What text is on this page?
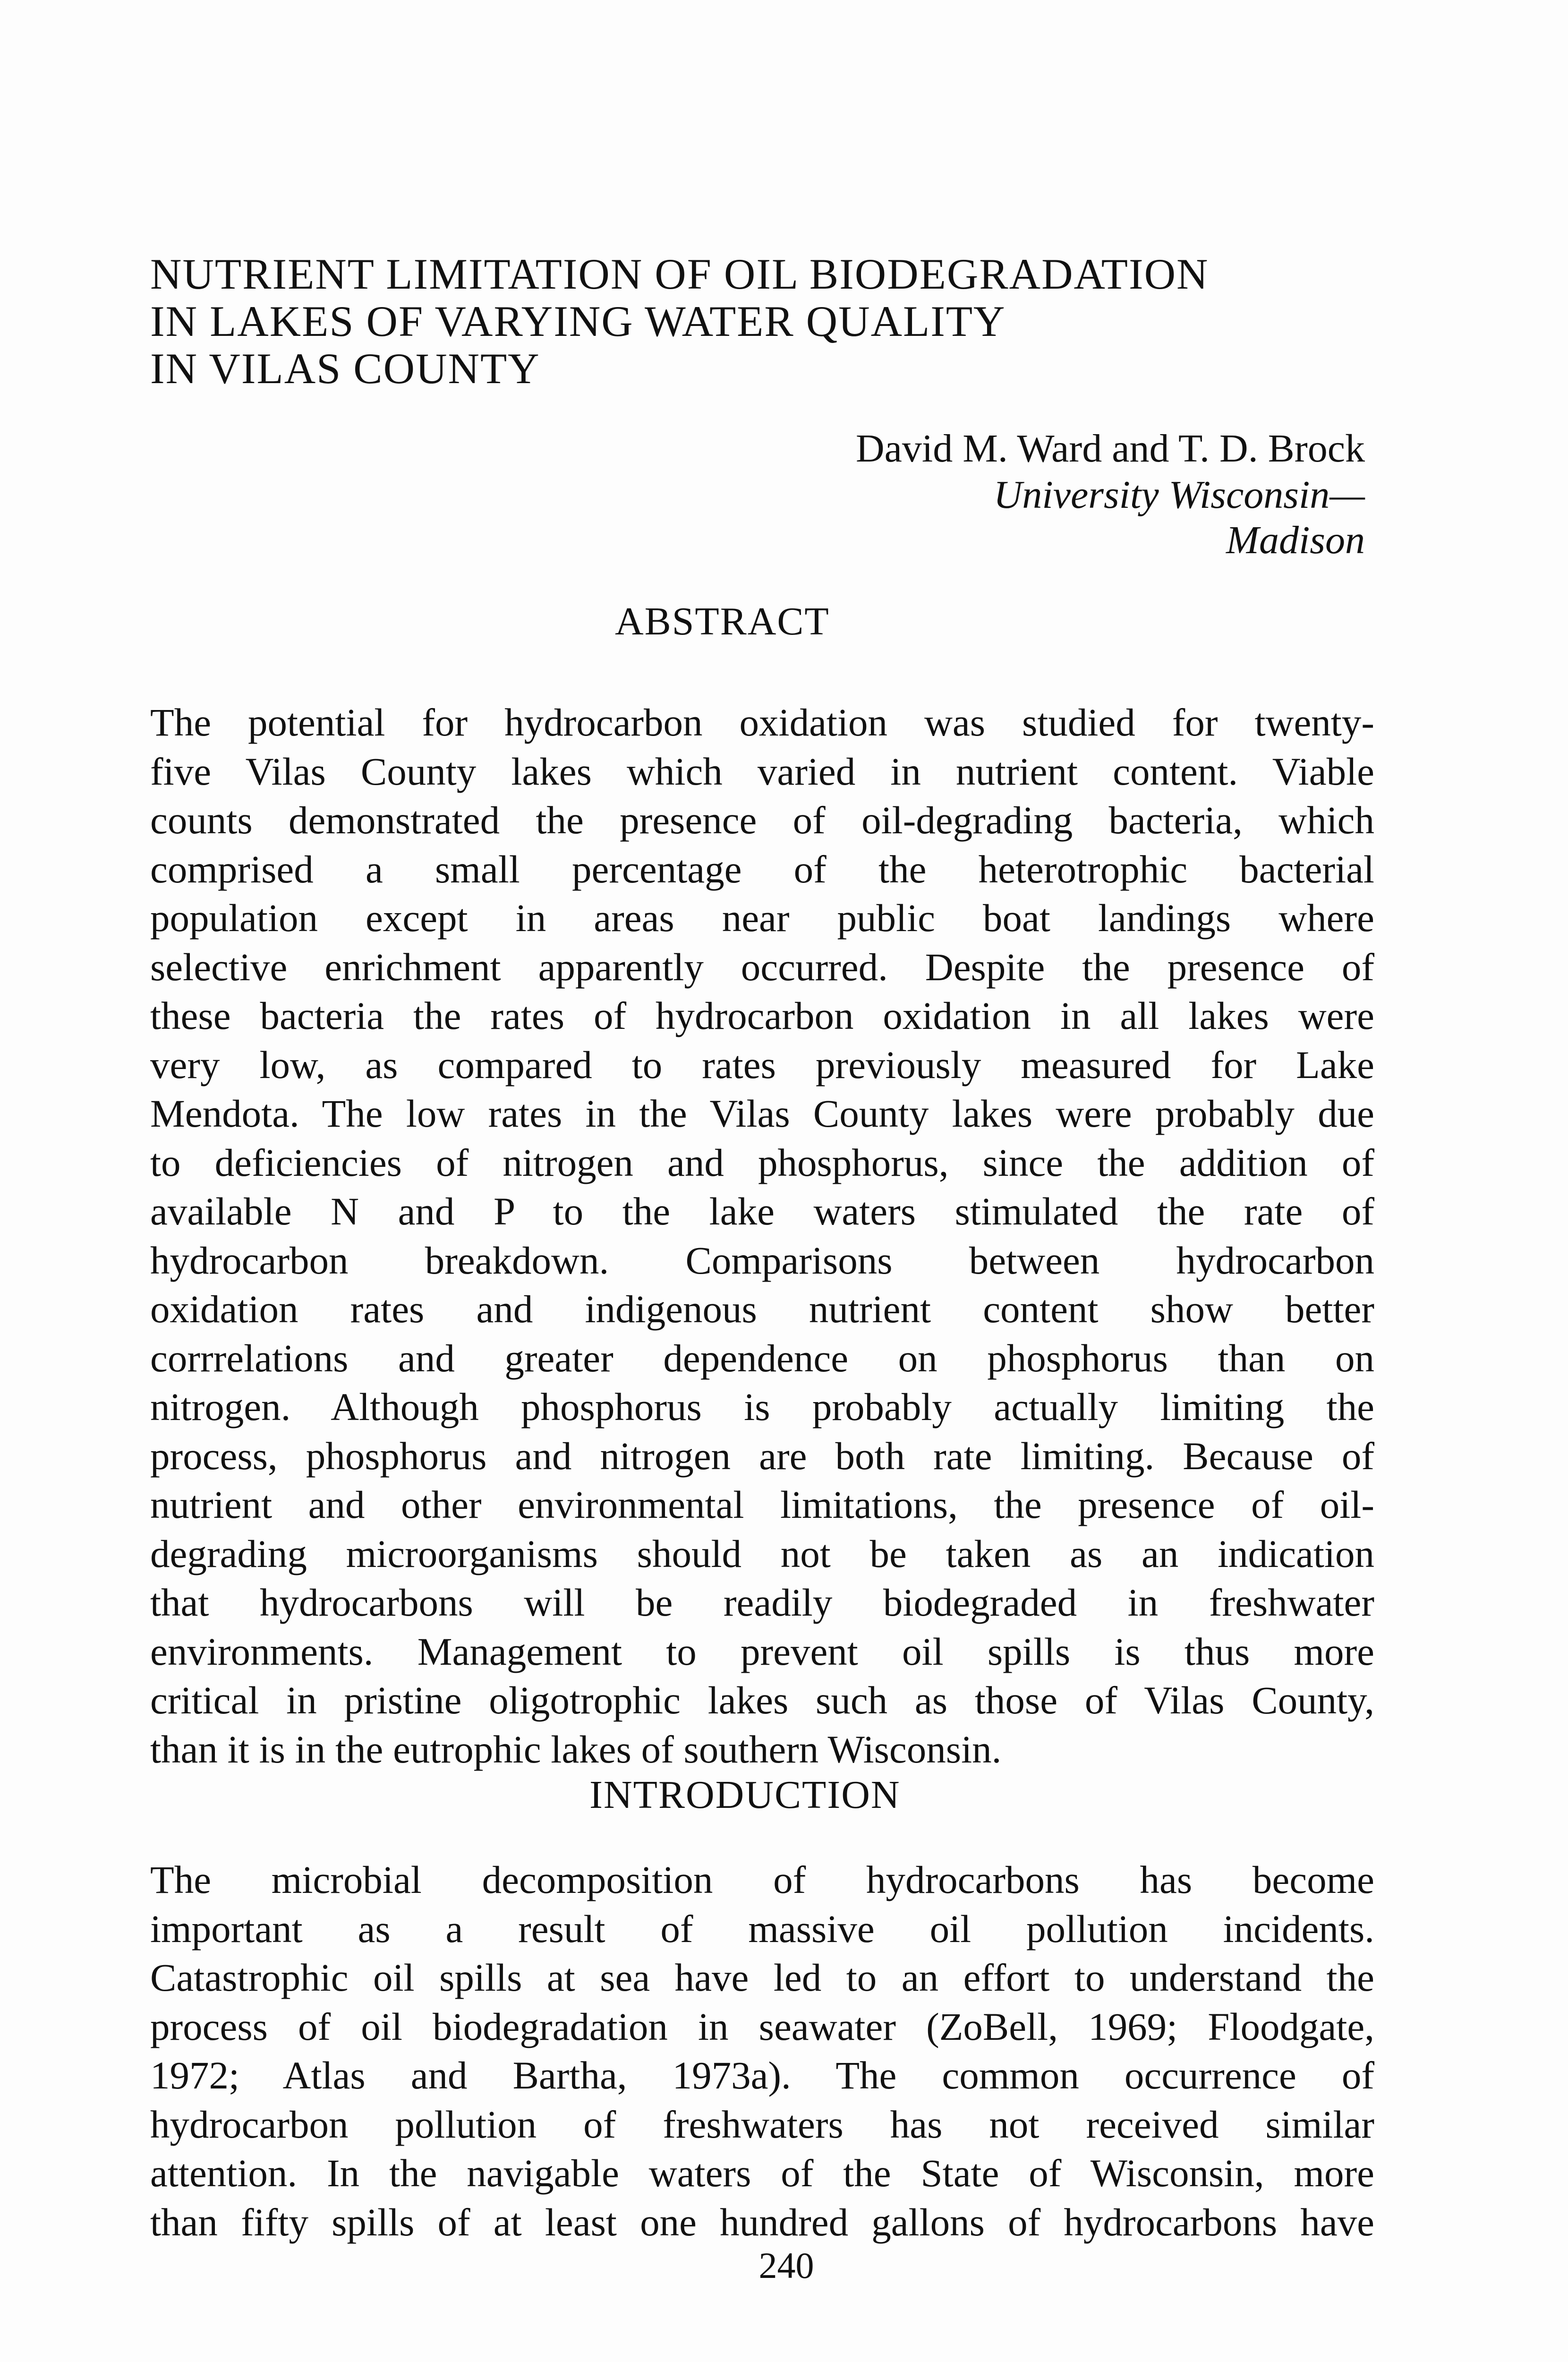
NUTRIENT LIMITATION OF OIL BIODEGRADATION
IN LAKES OF VARYING WATER QUALITY
IN VILAS COUNTY
David M. Ward and T. D. Brock
University Wisconsin—
Madison
ABSTRACT
The potential for hydrocarbon oxidation was studied for twenty-
five Vilas County lakes which varied in nutrient content. Viable
counts demonstrated the presence of oil-degrading bacteria, which
comprised a small percentage of the heterotrophic bacterial
population except in areas near public boat landings where
selective enrichment apparently occurred. Despite the presence of
these bacteria the rates of hydrocarbon oxidation in all lakes were
very low, as compared to rates previously measured for Lake
Mendota. The low rates in the Vilas County lakes were probably due
to deficiencies of nitrogen and phosphorus, since the addition of
available N and P to the lake waters stimulated the rate of
hydrocarbon breakdown. Comparisons between hydrocarbon
oxidation rates and indigenous nutrient content show better
corrrelations and greater dependence on phosphorus than on
nitrogen. Although phosphorus is probably actually limiting the
process, phosphorus and nitrogen are both rate limiting. Because of
nutrient and other environmental limitations, the presence of oil-
degrading microorganisms should not be taken as an indication
that hydrocarbons will be readily biodegraded in freshwater
environments. Management to prevent oil spills is thus more
critical in pristine oligotrophic lakes such as those of Vilas County,
than it is in the eutrophic lakes of southern Wisconsin.
INTRODUCTION
The microbial decomposition of hydrocarbons has become
important as a result of massive oil pollution incidents.
Catastrophic oil spills at sea have led to an effort to understand the
process of oil biodegradation in seawater (ZoBell, 1969; Floodgate,
1972; Atlas and Bartha, 1973a). The common occurrence of
hydrocarbon pollution of freshwaters has not received similar
attention. In the navigable waters of the State of Wisconsin, more
than fifty spills of at least one hundred gallons of hydrocarbons have
240
